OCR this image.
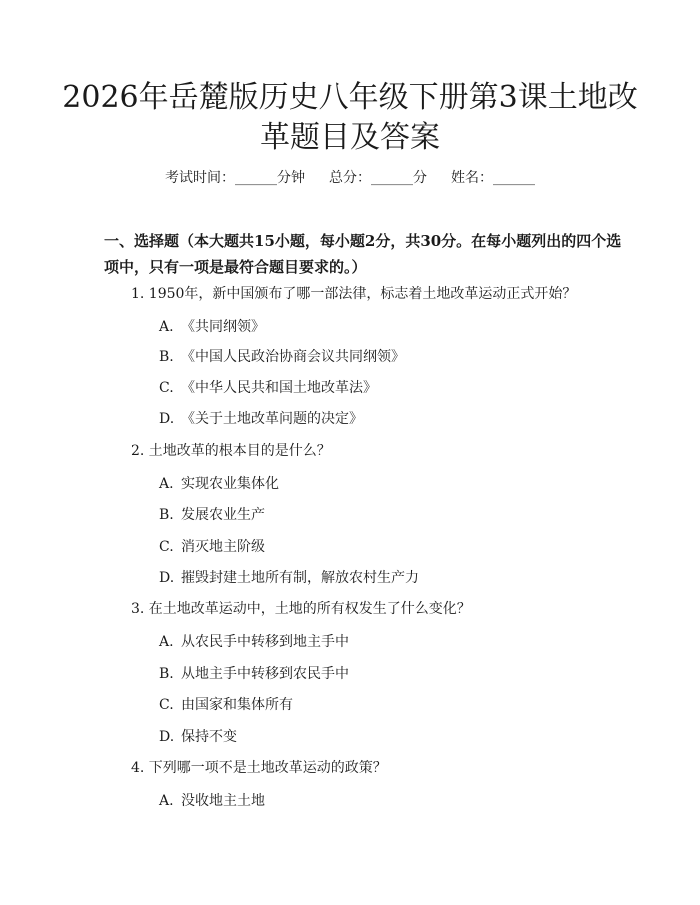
2026年岳麓版历史八年级下册第3课土地改革题目及答案
考试时间：______分钟 总分：______分 姓名：______

一、选择题（本大题共15小题，每小题2分，共30分。在每小题列出的四个选项中，只有一项是最符合题目要求的。）

1. 1950年，新中国颁布了哪一部法律，标志着土地改革运动正式开始？
A. 《共同纲领》
B. 《中国人民政治协商会议共同纲领》
C. 《中华人民共和国土地改革法》
D. 《关于土地改革问题的决定》
2. 土地改革的根本目的是什么？
A. 实现农业集体化
B. 发展农业生产
C. 消灭地主阶级
D. 摧毁封建土地所有制，解放农村生产力
3. 在土地改革运动中，土地的所有权发生了什么变化？
A. 从农民手中转移到地主手中
B. 从地主手中转移到农民手中
C. 由国家和集体所有
D. 保持不变
4. 下列哪一项不是土地改革运动的政策？
A. 没收地主土地
